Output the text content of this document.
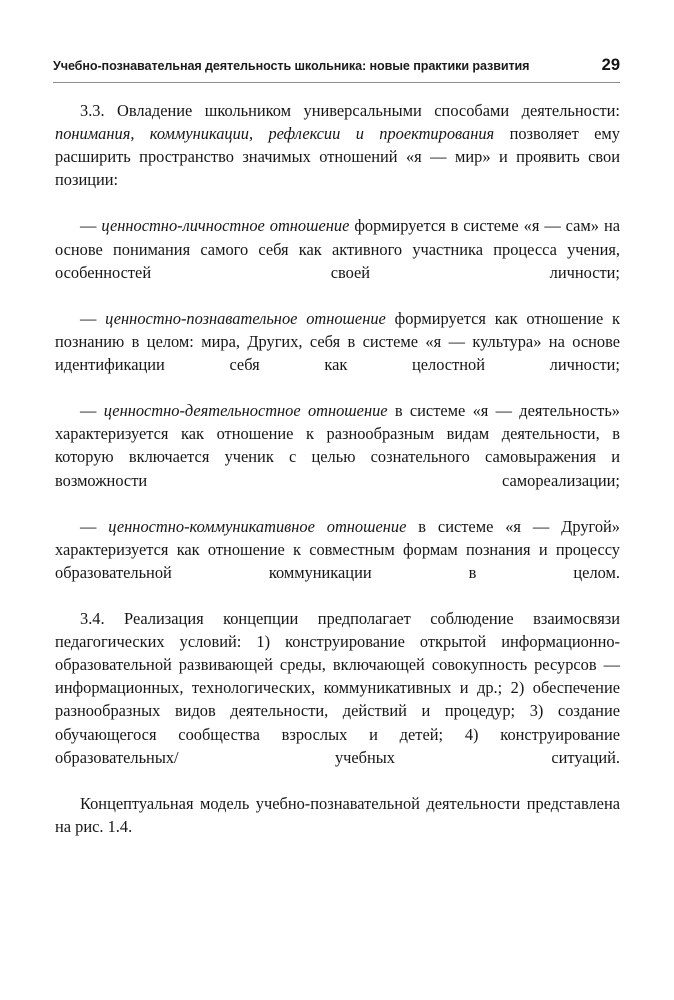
Учебно-познавательная деятельность школьника: новые практики развития	29

3.3. Овладение школьником универсальными способами деятельности: понимания, коммуникации, рефлексии и проектирования позволяет ему расширить пространство значимых отношений «я — мир» и проявить свои позиции:

— ценностно-личностное отношение формируется в системе «я — сам» на основе понимания самого себя как активного участника процесса учения, особенностей своей личности;

— ценностно-познавательное отношение формируется как отношение к познанию в целом: мира, Других, себя в системе «я — культура» на основе идентификации себя как целостной личности;

— ценностно-деятельностное отношение в системе «я — деятельность» характеризуется как отношение к разнообразным видам деятельности, в которую включается ученик с целью сознательного самовыражения и возможности самореализации;

— ценностно-коммуникативное отношение в системе «я — Другой» характеризуется как отношение к совместным формам познания и процессу образовательной коммуникации в целом.

3.4. Реализация концепции предполагает соблюдение взаимосвязи педагогических условий: 1) конструирование открытой информационно-образовательной развивающей среды, включающей совокупность ресурсов — информационных, технологических, коммуникативных и др.; 2) обеспечение разнообразных видов деятельности, действий и процедур; 3) создание обучающегося сообщества взрослых и детей; 4) конструирование образовательных/ учебных ситуаций.

Концептуальная модель учебно-познавательной деятельности представлена на рис. 1.4.
